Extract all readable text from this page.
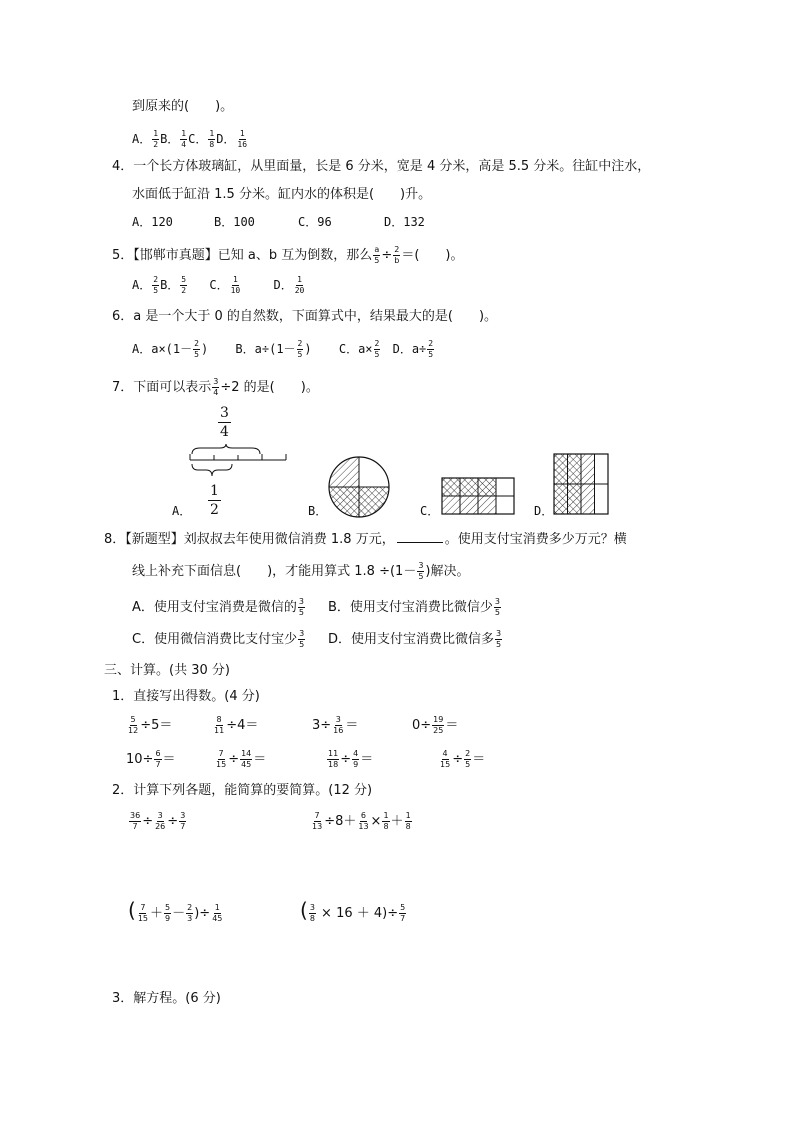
到原来的(　　)。
A． $\frac{1}{2}$ B． $\frac{1}{4}$ C． $\frac{1}{8}$ D． $\frac{1}{16}$
4．一个长方体玻璃缸，从里面量，长是 6 分米，宽是 4 分米，高是 5.5 分米。往缸中注水，
水面低于缸沿 1.5 分米。缸内水的体积是(　　)升。
A．120	B．100	C．96	D．132
5．【邯郸市真题】已知 a、b 互为倒数，那么 $\frac{a}{5} \div \frac{2}{b}$ ＝(　　)。
A． $\frac{2}{5}$ B． $\frac{5}{2}$ C． $\frac{1}{10}$	D． $\frac{1}{20}$
6．a 是一个大于 0 的自然数，下面算式中，结果最大的是(　　)。
A．$a\times(1- \frac{2}{5}$ ) B．$a\div(1- \frac{2}{5}$ ) C．$a\times \frac{2}{5}$ D．$a\div \frac{2}{5}$
7．下面可以表示 $\frac{3}{4} \div 2$ 的是(　　)。
$\frac{3}{4}$
$\frac{1}{2}$
A．	B．	C．	D．
8．【新题型】刘叔叔去年使用微信消费 1.8 万元，	。使用支付宝消费多少万元？横
线上补充下面信息(　　)，才能用算式 $1.8 \div(1- \frac{3}{5}$ )解决。
A．使用支付宝消费是微信的 $\frac{3}{5}$ B．使用支付宝消费比微信少 $\frac{3}{5}$
C．使用微信消费比支付宝少 $\frac{3}{5}$ D．使用支付宝消费比微信多 $\frac{3}{5}$
三、计算。(共 30 分)
1．直接写出得数。(4 分)
$\frac{5}{12} \div 5=$	$\frac{8}{11} \div 4=$	$3\div \frac{3}{16}$ ＝	$0\div \frac{19}{25}$ ＝
$10\div \frac{6}{7}$ ＝	$\frac{7}{15} \div \frac{14}{45}$ ＝	$\frac{11}{18} \div \frac{4}{9}$ ＝	$\frac{4}{15} \div \frac{2}{5}$ ＝
2．计算下列各题，能简算的要简算。(12 分)
$\frac{36}{7} \div \frac{3}{26} \div \frac{3}{7}$	$\frac{7}{13} \div 8+ \frac{6}{13} \times \frac{1}{8} + \frac{1}{8}$
( $\frac{7}{15} + \frac{5}{9} - \frac{2}{3}$ )÷ $\frac{1}{45}$	( $\frac{3}{8} \times 16 + 4)\div \frac{5}{7}$
3．解方程。(6 分)
